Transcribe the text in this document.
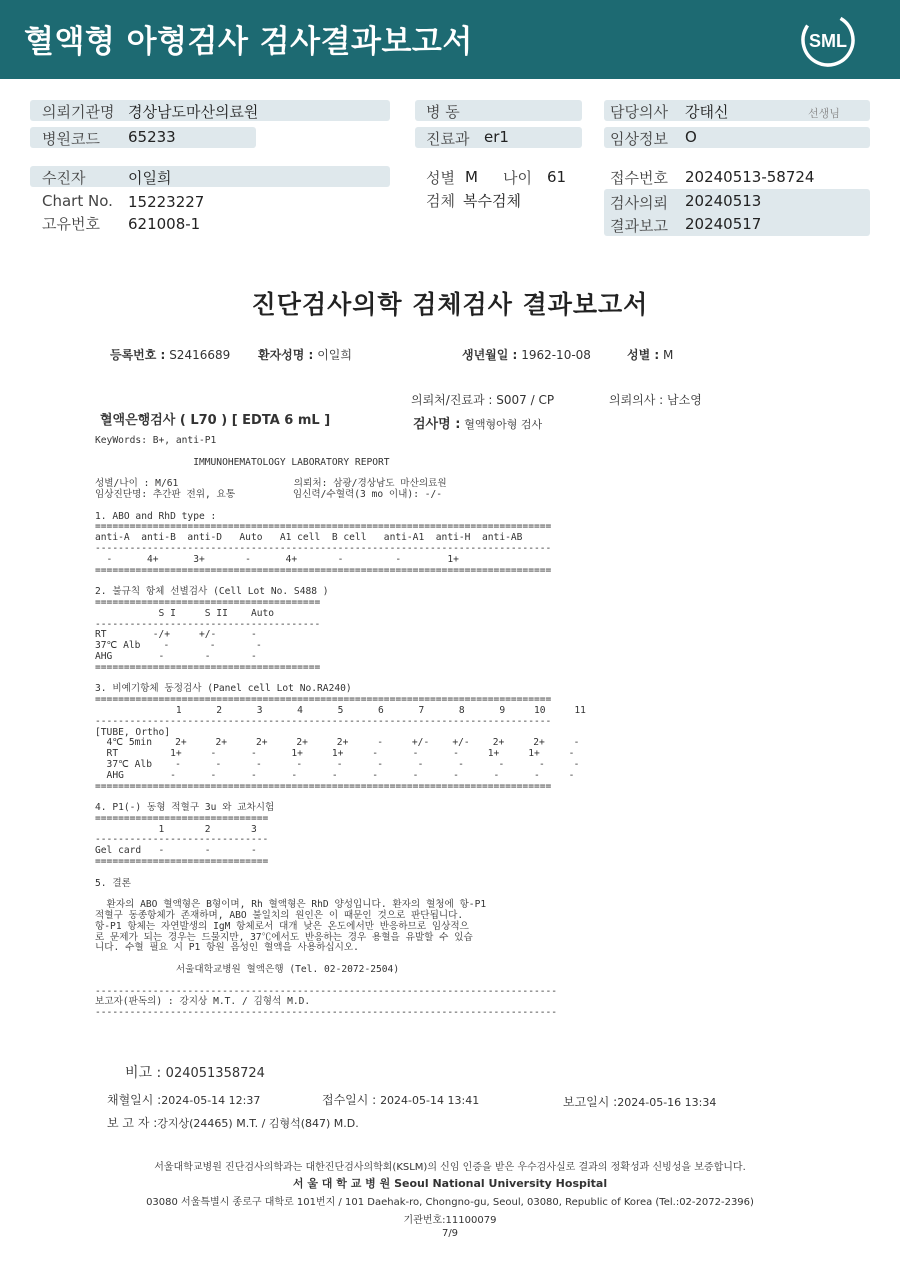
혈액형 아형검사 검사결과보고서	SML
의뢰기관명 경상남도마산의료원
병원코드 65233
수진자	이일희
Chart No. 15223227
고유번호 621008-1
병 동
진료과 er1
성별 M 나이 61
검체 복수검체
담당의사 강태신	선생님
임상정보 O
접수번호 20240513-58724
검사의뢰 20240513
결과보고 20240517
진단검사의학 검체검사 결과보고서
등록번호 : S2416689 환자성명 : 이일희	생년월일 : 1962-10-08	성별 : M
의뢰처/진료과 : S007 / CP	의뢰의사 : 남소영
혈액은행검사 ( L70 ) [ EDTA 6 mL ]	검사명 : 혈액형아형 검사
KeyWords: B+, anti-P1

IMMUNOHEMATOLOGY LABORATORY REPORT

성별/나이 : M/61                    의뢰처: 삼광/경상남도 마산의료원
임상진단명: 추간판 전위, 요통          임신력/수혈력(3 mo 이내): -/-

1. ABO and RhD type :
===============================================================================
anti-A  anti-B  anti-D   Auto   A1 cell  B cell   anti-A1  anti-H  anti-AB
-------------------------------------------------------------------------------
-      4+      3+       -      4+       -         -        1+
===============================================================================

2. 불규칙 항체 선별검사 (Cell Lot No. S488 )
=======================================
S I     S II    Auto
---------------------------------------
RT        -/+     +/-      -
37℃ Alb    -       -       -
AHG        -       -       -
=======================================

3. 비예기항체 동정검사 (Panel cell Lot No.RA240)
===============================================================================
1      2      3      4      5      6      7      8      9     10     11
-------------------------------------------------------------------------------
[TUBE, Ortho]
4℃ 5min    2+     2+     2+     2+     2+     -     +/-    +/-    2+     2+     -
RT         1+     -      -      1+     1+     -      -      -     1+     1+     -
37℃ Alb    -      -      -      -      -      -      -      -      -      -     -
AHG        -      -      -      -      -      -      -      -      -      -     -
===============================================================================

4. P1(-) 동형 적혈구 3u 와 교차시험
==============================
1       2       3
------------------------------
Gel card   -       -       -
==============================

5. 결론

환자의 ABO 혈액형은 B형이며, Rh 혈액형은 RhD 양성입니다. 환자의 혈청에 항-P1
적혈구 동종항체가 존재하며, ABO 불일치의 원인은 이 때문인 것으로 판단됩니다.
항-P1 항체는 자연발생의 IgM 항체로서 대개 낮은 온도에서만 반응하므로 임상적으
로 문제가 되는 경우는 드물지만, 37℃에서도 반응하는 경우 용혈을 유발할 수 있습
니다. 수혈 필요 시 P1 항원 음성인 혈액을 사용하십시오.

서울대학교병원 혈액은행 (Tel. 02-2072-2504)

--------------------------------------------------------------------------------
보고자(판독의) : 강지상 M.T. / 김형석 M.D.
--------------------------------------------------------------------------------
비고 : 024051358724
채혈일시 :2024-05-14 12:37	접수일시 : 2024-05-14 13:41	보고일시 :2024-05-16 13:34
보 고 자 :강지상(24465) M.T. / 김형석(847) M.D.
서울대학교병원 진단검사의학과는 대한진단검사의학회(KSLM)의 신임 인증을 받은 우수검사실로 결과의 정확성과 신빙성을 보증합니다.
서 울 대 학 교 병 원 Seoul National University Hospital
03080 서울특별시 종로구 대학로 101번지 / 101 Daehak-ro, Chongno-gu, Seoul, 03080, Republic of Korea (Tel.:02-2072-2396)
기관번호:11100079
7/9
